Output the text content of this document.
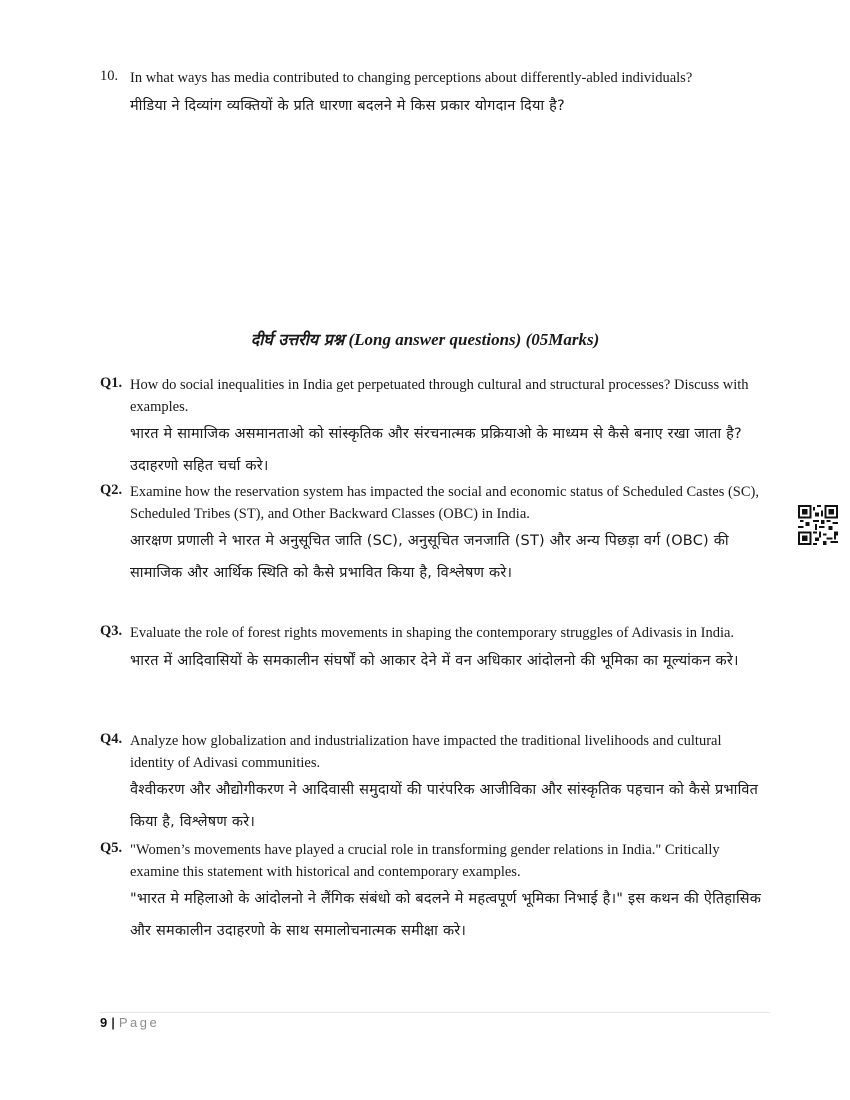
10. In what ways has media contributed to changing perceptions about differently-abled individuals?

मीडिया ने दिव्यांग व्यक्तियों के प्रति धारणा बदलने मे किस प्रकार योगदान दिया है?

दीर्घ उत्तरीय प्रश्न (Long answer questions) (05Marks)
Q1. How do social inequalities in India get perpetuated through cultural and structural processes? Discuss with examples.

भारत मे सामाजिक असमानताओ को सांस्कृतिक और संरचनात्मक प्रक्रियाओ के माध्यम से कैसे बनाए रखा जाता है? उदाहरणो सहित चर्चा करे।

Q2. Examine how the reservation system has impacted the social and economic status of Scheduled Castes (SC), Scheduled Tribes (ST), and Other Backward Classes (OBC) in India.

आरक्षण प्रणाली ने भारत मे अनुसूचित जाति (SC), अनुसूचित जनजाति (ST) और अन्य पिछड़ा वर्ग (OBC) की सामाजिक और आर्थिक स्थिति को कैसे प्रभावित किया है, विश्लेषण करे।

Q3. Evaluate the role of forest rights movements in shaping the contemporary struggles of Adivasis in India.

भारत में आदिवासियों के समकालीन संघर्षों को आकार देने में वन अधिकार आंदोलनो की भूमिका का मूल्यांकन करे।

Q4. Analyze how globalization and industrialization have impacted the traditional livelihoods and cultural identity of Adivasi communities.

वैश्वीकरण और औद्योगीकरण ने आदिवासी समुदायों की पारंपरिक आजीविका और सांस्कृतिक पहचान को कैसे प्रभावित किया है, विश्लेषण करे।

Q5. "Women’s movements have played a crucial role in transforming gender relations in India." Critically examine this statement with historical and contemporary examples.

"भारत मे महिलाओ के आंदोलनो ने लैंगिक संबंधो को बदलने मे महत्वपूर्ण भूमिका निभाई है।" इस कथन की ऐतिहासिक और समकालीन उदाहरणो के साथ समालोचनात्मक समीक्षा करे।

9 | Page
